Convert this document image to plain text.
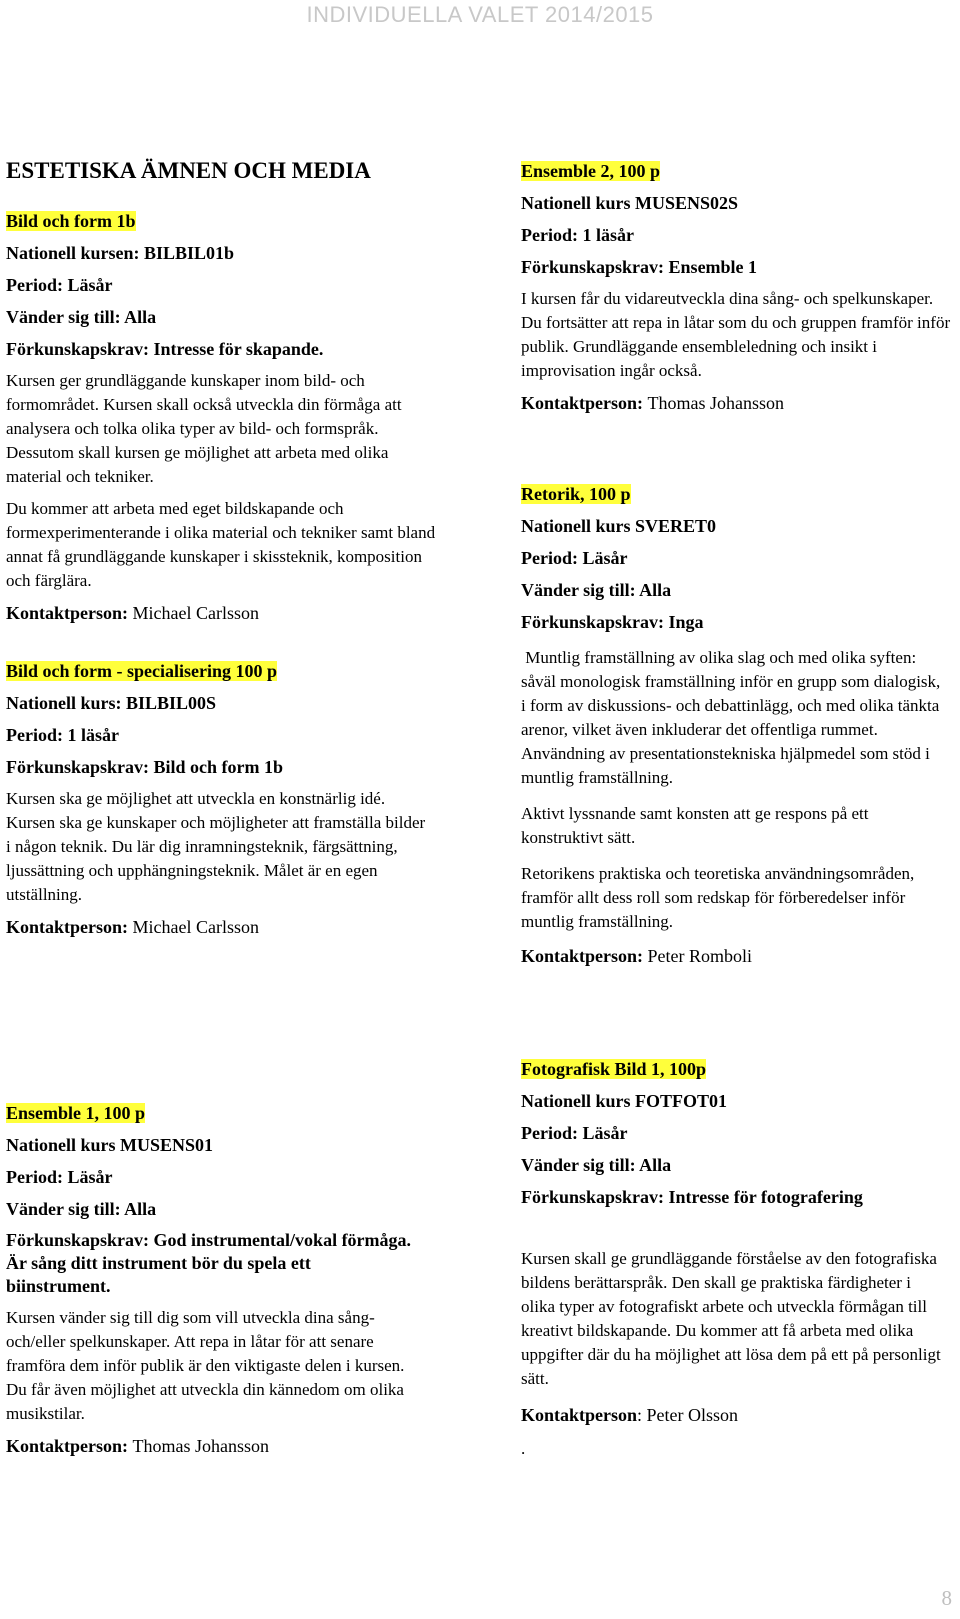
INDIVIDUELLA VALET 2014/2015
ESTETISKA ÄMNEN OCH MEDIA
Bild och form 1b
Nationell kursen: BILBIL01b
Period: Läsår
Vänder sig till: Alla
Förkunskapskrav: Intresse för skapande.

Kursen ger grundläggande kunskaper inom bild- och formområdet. Kursen skall också utveckla din förmåga att analysera och tolka olika typer av bild- och formspråk. Dessutom skall kursen ge möjlighet att arbeta med olika material och tekniker.

Du kommer att arbeta med eget bildskapande och formexperimenterande i olika material och tekniker samt bland annat få grundläggande kunskaper i skissteknik, komposition och färglära.

Kontaktperson: Michael Carlsson
Bild och form - specialisering 100 p
Nationell kurs: BILBIL00S
Period: 1 läsår
Förkunskapskrav: Bild och form 1b

Kursen ska ge möjlighet att utveckla en konstnärlig idé. Kursen ska ge kunskaper och möjligheter att framställa bilder i någon teknik. Du lär dig inramningsteknik, färgsättning, ljussättning och upphängningsteknik. Målet är en egen utställning.

Kontaktperson: Michael Carlsson
Ensemble 1, 100 p
Nationell kurs MUSENS01
Period: Läsår
Vänder sig till: Alla
Förkunskapskrav: God instrumental/vokal förmåga. Är sång ditt instrument bör du spela ett biinstrument.

Kursen vänder sig till dig som vill utveckla dina sång- och/eller spelkunskaper. Att repa in låtar för att senare framföra dem inför publik är den viktigaste delen i kursen. Du får även möjlighet att utveckla din kännedom om olika musikstilar.

Kontaktperson: Thomas Johansson
Ensemble 2, 100 p
Nationell kurs MUSENS02S
Period: 1 läsår
Förkunskapskrav: Ensemble 1

I kursen får du vidareutveckla dina sång- och spelkunskaper. Du fortsätter att repa in låtar som du och gruppen framför inför publik. Grundläggande ensembleledning och insikt i improvisation ingår också.

Kontaktperson: Thomas Johansson
Retorik, 100 p
Nationell kurs SVERET0
Period: Läsår
Vänder sig till: Alla
Förkunskapskrav: Inga

Muntlig framställning av olika slag och med olika syften: såväl monologisk framställning inför en grupp som dialogisk, i form av diskussions- och debattinlägg, och med olika tänkta arenor, vilket även inkluderar det offentliga rummet. Användning av presentationstekniska hjälpmedel som stöd i muntlig framställning.

Aktivt lyssnande samt konsten att ge respons på ett konstruktivt sätt.

Retorikens praktiska och teoretiska användningsområden, framför allt dess roll som redskap för förberedelser inför muntlig framställning.

Kontaktperson: Peter Romboli
Fotografisk Bild 1, 100p
Nationell kurs FOTFOT01
Period: Läsår
Vänder sig till: Alla
Förkunskapskrav: Intresse för fotografering

Kursen skall ge grundläggande förståelse av den fotografiska bildens berättarspråk. Den skall ge praktiska färdigheter i olika typer av fotografiskt arbete och utveckla förmågan till kreativt bildskapande. Du kommer att få arbeta med olika uppgifter där du ha möjlighet att lösa dem på ett på personligt sätt.

Kontaktperson: Peter Olsson
.
8
